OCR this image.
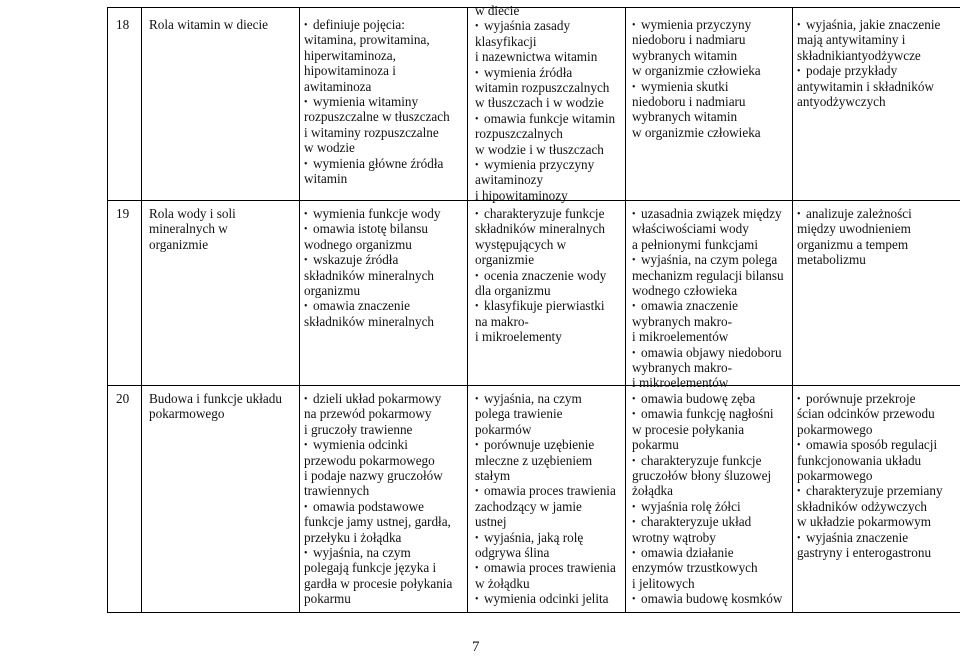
18 Rola witamin w diecie	• definiuje pojęcia:
witamina, prowitamina,
hiperwitaminoza,
hipowitaminoza i
awitaminoza
• wymienia witaminy
rozpuszczalne w tłuszczach
i witaminy rozpuszczalne
w wodzie
• wymienia główne źródła
witamin
w diecie
• wyjaśnia zasady
klasyfikacji
i nazewnictwa witamin
• wymienia źródła
witamin rozpuszczalnych
w tłuszczach i w wodzie
• omawia funkcje witamin
rozpuszczalnych
w wodzie i w tłuszczach
• wymienia przyczyny
awitaminozy
i hipowitaminozy
• wymienia przyczyny
niedoboru i nadmiaru
wybranych witamin
w organizmie człowieka
• wymienia skutki
niedoboru i nadmiaru
wybranych witamin
w organizmie człowieka
• wyjaśnia, jakie znaczenie
mają antywitaminy i
składnikiantyodżywcze
• podaje przykłady
antywitamin i składników
antyodżywczych
19 Rola wody i soli mineralnych w organizmie
• wymienia funkcje wody
• omawia istotę bilansu
wodnego organizmu
• wskazuje źródła
składników mineralnych
organizmu
• omawia znaczenie
składników mineralnych
• charakteryzuje funkcje
składników mineralnych
występujących w
organizmie
• ocenia znaczenie wody
dla organizmu
• klasyfikuje pierwiastki
na makro-
i mikroelementy
• uzasadnia związek między
właściwościami wody
a pełnionymi funkcjami
• wyjaśnia, na czym polega
mechanizm regulacji bilansu
wodnego człowieka
• omawia znaczenie
wybranych makro-
i mikroelementów
• omawia objawy niedoboru
wybranych makro-
i mikroelementów
• analizuje zależności
między uwodnieniem
organizmu a tempem
metabolizmu
20 Budowa i funkcje układu pokarmowego
• dzieli układ pokarmowy
na przewód pokarmowy
i gruczoły trawienne
• wymienia odcinki
przewodu pokarmowego
i podaje nazwy gruczołów
trawiennych
• omawia podstawowe
funkcje jamy ustnej, gardła,
przełyku i żołądka
• wyjaśnia, na czym
polegają funkcje języka i
gardła w procesie połykania
pokarmu
• wyjaśnia, na czym
polega trawienie
pokarmów
• porównuje uzębienie
mleczne z uzębieniem
stałym
• omawia proces trawienia
zachodzący w jamie
ustnej
• wyjaśnia, jaką rolę
odgrywa ślina
• omawia proces trawienia
w żołądku
• wymienia odcinki jelita
• omawia budowę zęba
• omawia funkcję nagłośni
w procesie połykania
pokarmu
• charakteryzuje funkcje
gruczołów błony śluzowej
żołądka
• wyjaśnia rolę żółci
• charakteryzuje układ
wrotny wątroby
• omawia działanie
enzymów trzustkowych
i jelitowych
• omawia budowę kosmków
• porównuje przekroje
ścian odcinków przewodu
pokarmowego
• omawia sposób regulacji
funkcjonowania układu
pokarmowego
• charakteryzuje przemiany
składników odżywczych
w układzie pokarmowym
• wyjaśnia znaczenie
gastryny i enterogastronu
7
